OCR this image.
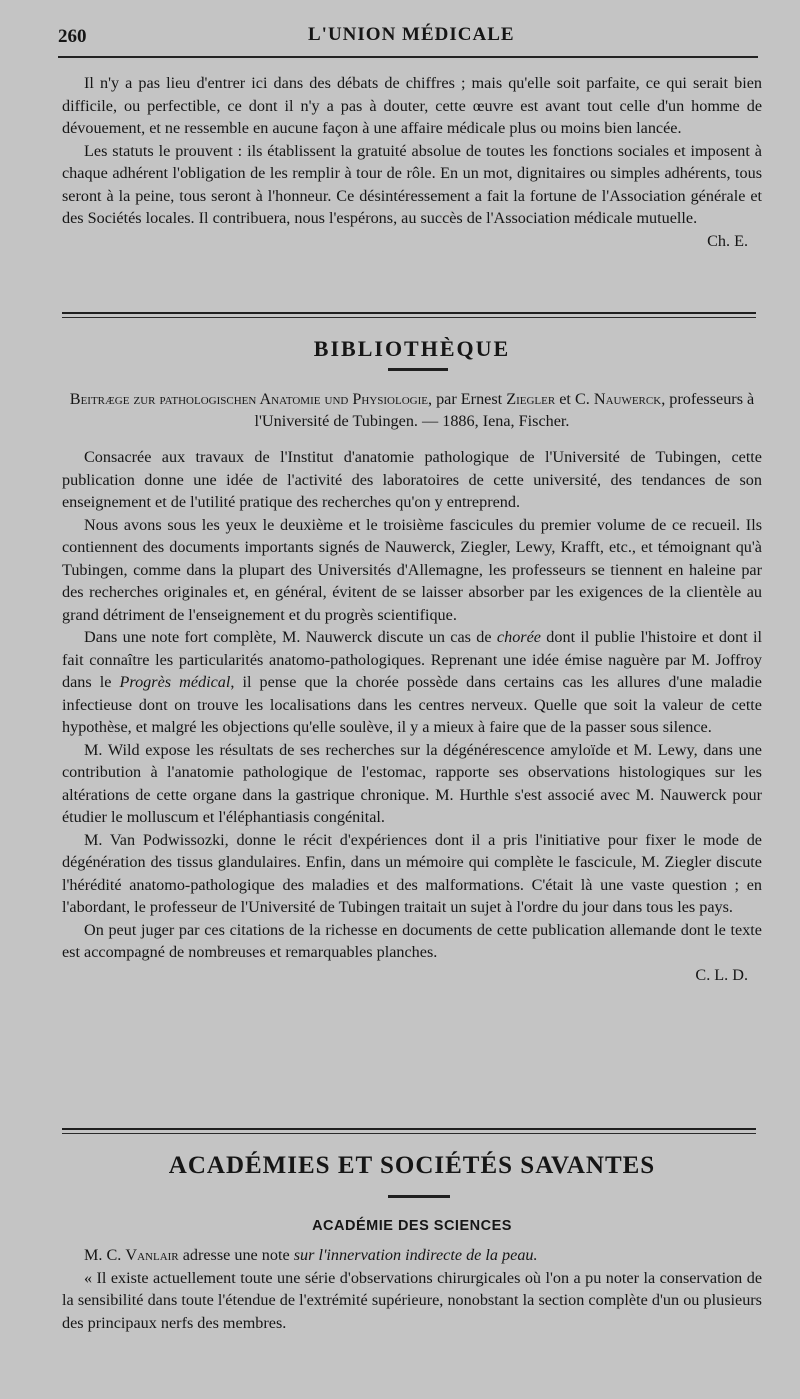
260	L'UNION MÉDICALE

Il n'y a pas lieu d'entrer ici dans des débats de chiffres ; mais qu'elle soit parfaite, ce qui serait bien difficile, ou perfectible, ce dont il n'y a pas à douter, cette œuvre est avant tout celle d'un homme de dévouement, et ne ressemble en aucune façon à une affaire médicale plus ou moins bien lancée.

Les statuts le prouvent : ils établissent la gratuité absolue de toutes les fonctions sociales et imposent à chaque adhérent l'obligation de les remplir à tour de rôle. En un mot, dignitaires ou simples adhérents, tous seront à la peine, tous seront à l'honneur. Ce désintéressement a fait la fortune de l'Association générale et des Sociétés locales. Il contribuera, nous l'espérons, au succès de l'Association médicale mutuelle.

Ch. E.
BIBLIOTHÈQUE
Beitræge zur pathologischen Anatomie und Physiologie, par Ernest Ziegler et C. Nauwerck, professeurs à l'Université de Tubingen. — 1886, Iena, Fischer.

Consacrée aux travaux de l'Institut d'anatomie pathologique de l'Université de Tubingen, cette publication donne une idée de l'activité des laboratoires de cette université, des tendances de son enseignement et de l'utilité pratique des recherches qu'on y entreprend.

Nous avons sous les yeux le deuxième et le troisième fascicules du premier volume de ce recueil. Ils contiennent des documents importants signés de Nauwerck, Ziegler, Lewy, Krafft, etc., et témoignant qu'à Tubingen, comme dans la plupart des Universités d'Allemagne, les professeurs se tiennent en haleine par des recherches originales et, en général, évitent de se laisser absorber par les exigences de la clientèle au grand détriment de l'enseignement et du progrès scientifique.

Dans une note fort complète, M. Nauwerck discute un cas de chorée dont il publie l'histoire et dont il fait connaître les particularités anatomo-pathologiques. Reprenant une idée émise naguère par M. Joffroy dans le Progrès médical, il pense que la chorée possède dans certains cas les allures d'une maladie infectieuse dont on trouve les localisations dans les centres nerveux. Quelle que soit la valeur de cette hypothèse, et malgré les objections qu'elle soulève, il y a mieux à faire que de la passer sous silence.

M. Wild expose les résultats de ses recherches sur la dégénérescence amyloïde et M. Lewy, dans une contribution à l'anatomie pathologique de l'estomac, rapporte ses observations histologiques sur les altérations de cette organe dans la gastrique chronique. M. Hurthle s'est associé avec M. Nauwerck pour étudier le molluscum et l'éléphantiasis congénital.

M. Van Podwissozki, donne le récit d'expériences dont il a pris l'initiative pour fixer le mode de dégénération des tissus glandulaires. Enfin, dans un mémoire qui complète le fascicule, M. Ziegler discute l'hérédité anatomo-pathologique des maladies et des malformations. C'était là une vaste question ; en l'abordant, le professeur de l'Université de Tubingen traitait un sujet à l'ordre du jour dans tous les pays.

On peut juger par ces citations de la richesse en documents de cette publication allemande dont le texte est accompagné de nombreuses et remarquables planches.

C. L. D.
ACADÉMIES ET SOCIÉTÉS SAVANTES
ACADÉMIE DES SCIENCES

M. C. Vanlair adresse une note sur l'innervation indirecte de la peau.

« Il existe actuellement toute une série d'observations chirurgicales où l'on a pu noter la conservation de la sensibilité dans toute l'étendue de l'extrémité supérieure, nonobstant la section complète d'un ou plusieurs des principaux nerfs des membres.
